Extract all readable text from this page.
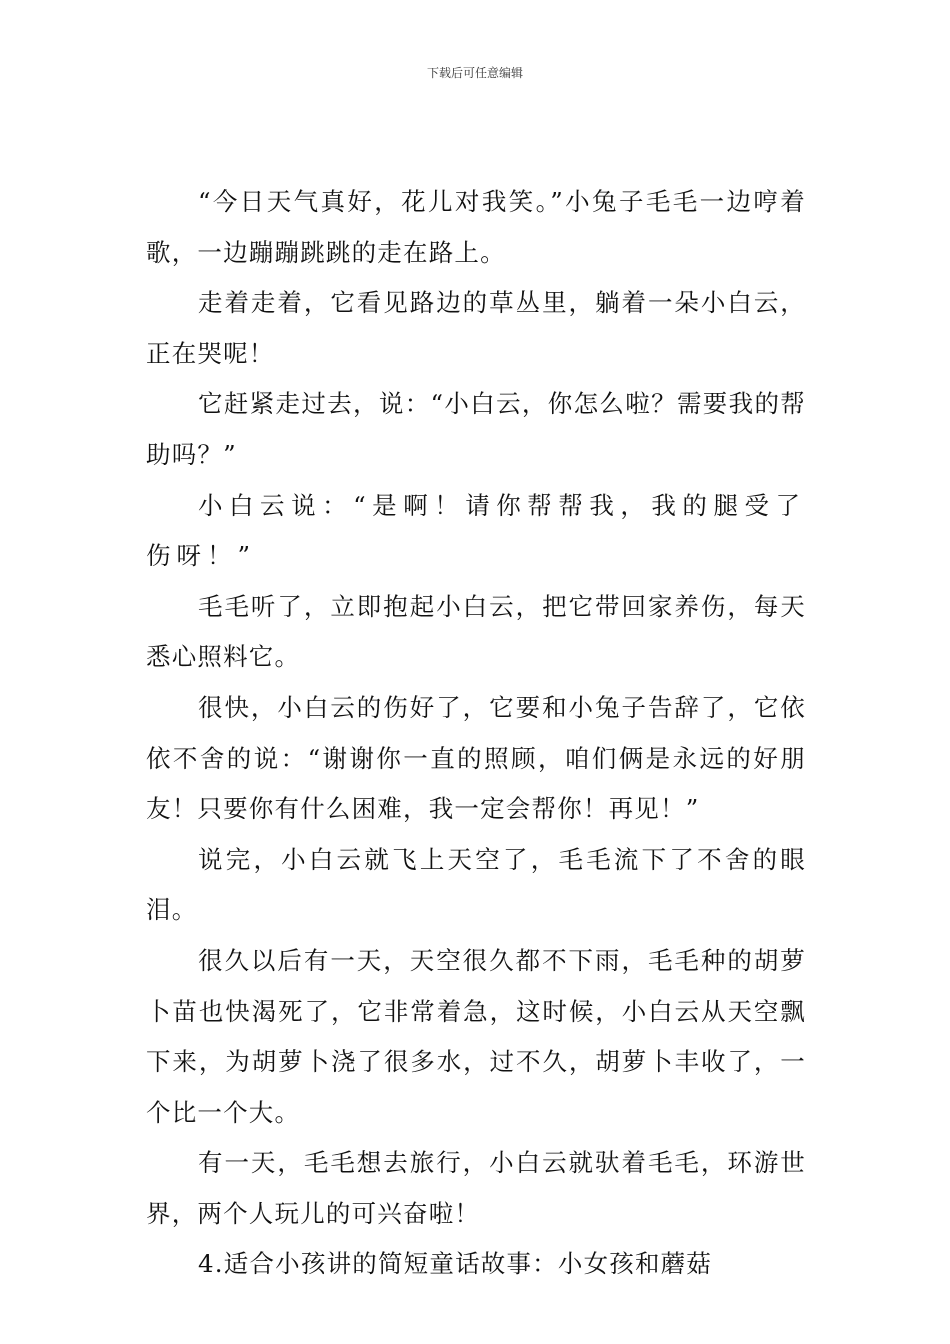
下载后可任意编辑

“今日天气真好，花儿对我笑。”小兔子毛毛一边哼着歌，一边蹦蹦跳跳的走在路上。

走着走着，它看见路边的草丛里，躺着一朵小白云，正在哭呢！

它赶紧走过去，说：“小白云，你怎么啦？需要我的帮助吗？”

小白云说：“是啊！请你帮帮我，我的腿受了伤呀！”

毛毛听了，立即抱起小白云，把它带回家养伤，每天悉心照料它。

很快，小白云的伤好了，它要和小兔子告辞了，它依依不舍的说：“谢谢你一直的照顾，咱们俩是永远的好朋友！只要你有什么困难，我一定会帮你！再见！”

说完，小白云就飞上天空了，毛毛流下了不舍的眼泪。

很久以后有一天，天空很久都不下雨，毛毛种的胡萝卜苗也快渴死了，它非常着急，这时候，小白云从天空飘下来，为胡萝卜浇了很多水，过不久，胡萝卜丰收了，一个比一个大。

有一天，毛毛想去旅行，小白云就驮着毛毛，环游世界，两个人玩儿的可兴奋啦！

4.适合小孩讲的简短童话故事：小女孩和蘑菇
